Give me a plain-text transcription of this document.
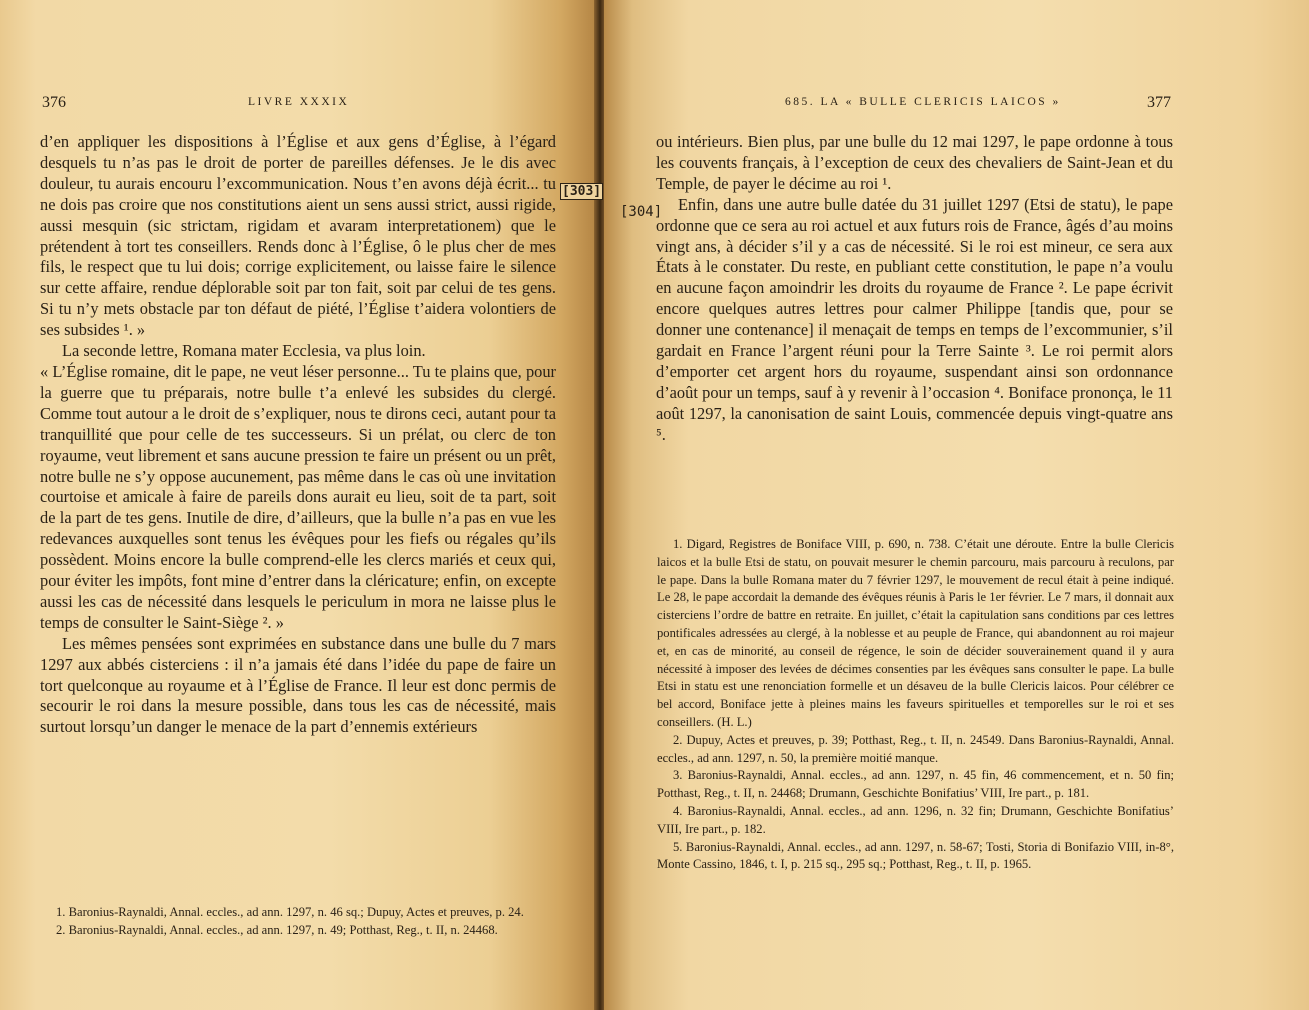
376	LIVRE XXXIX

d’en appliquer les dispositions à l’Église et aux gens d’Église, à l’égard desquels tu n’as pas le droit de porter de pareilles défenses. Je le dis avec douleur, tu aurais encouru l’excommunication. Nous t’en avons déjà écrit... tu ne dois pas croire que nos constitutions aient un sens aussi strict, aussi rigide, aussi mesquin (sic strictam, rigidam et avaram interpretationem) que le prétendent à tort tes conseillers. Rends donc à l’Église, ô le plus cher de mes fils, le respect que tu lui dois; corrige explicitement, ou laisse faire le silence sur cette affaire, rendue déplorable soit par ton fait, soit par celui de tes gens. Si tu n’y mets obstacle par ton défaut de piété, l’Église t’aidera volontiers de ses subsides ¹. »

La seconde lettre, Romana mater Ecclesia, va plus loin.

« L’Église romaine, dit le pape, ne veut léser personne... Tu te plains que, pour la guerre que tu préparais, notre bulle t’a enlevé les subsides du clergé. Comme tout autour a le droit de s’expliquer, nous te dirons ceci, autant pour ta tranquillité que pour celle de tes successeurs. Si un prélat, ou clerc de ton royaume, veut librement et sans aucune pression te faire un présent ou un prêt, notre bulle ne s’y oppose aucunement, pas même dans le cas où une invitation courtoise et amicale à faire de pareils dons aurait eu lieu, soit de ta part, soit de la part de tes gens. Inutile de dire, d’ailleurs, que la bulle n’a pas en vue les redevances auxquelles sont tenus les évêques pour les fiefs ou régales qu’ils possèdent. Moins encore la bulle comprend-elle les clercs mariés et ceux qui, pour éviter les impôts, font mine d’entrer dans la cléricature; enfin, on excepte aussi les cas de nécessité dans lesquels le periculum in mora ne laisse plus le temps de consulter le Saint-Siège ². »

Les mêmes pensées sont exprimées en substance dans une bulle du 7 mars 1297 aux abbés cisterciens : il n’a jamais été dans l’idée du pape de faire un tort quelconque au royaume et à l’Église de France. Il leur est donc permis de secourir le roi dans la mesure possible, dans tous les cas de nécessité, mais surtout lorsqu’un danger le menace de la part d’ennemis extérieurs

1. Baronius-Raynaldi, Annal. eccles., ad ann. 1297, n. 46 sq.; Dupuy, Actes et preuves, p. 24.

2. Baronius-Raynaldi, Annal. eccles., ad ann. 1297, n. 49; Potthast, Reg., t. II, n. 24468.

685. LA « BULLE CLERICIS LAICOS »	377
[304]

ou intérieurs. Bien plus, par une bulle du 12 mai 1297, le pape ordonne à tous les couvents français, à l’exception de ceux des chevaliers de Saint-Jean et du Temple, de payer le décime au roi ¹.

Enfin, dans une autre bulle datée du 31 juillet 1297 (Etsi de statu), le pape ordonne que ce sera au roi actuel et aux futurs rois de France, âgés d’au moins vingt ans, à décider s’il y a cas de nécessité. Si le roi est mineur, ce sera aux États à le constater. Du reste, en publiant cette constitution, le pape n’a voulu en aucune façon amoindrir les droits du royaume de France ². Le pape écrivit encore quelques autres lettres pour calmer Philippe [tandis que, pour se donner une contenance] il menaçait de temps en temps de l’excommunier, s’il gardait en France l’argent réuni pour la Terre Sainte ³. Le roi permit alors d’emporter cet argent hors du royaume, suspendant ainsi son ordonnance d’août pour un temps, sauf à y revenir à l’occasion ⁴. Boniface prononça, le 11 août 1297, la canonisation de saint Louis, commencée depuis vingt-quatre ans ⁵.

1. Digard, Registres de Boniface VIII, p. 690, n. 738. C’était une déroute. Entre la bulle Clericis laicos et la bulle Etsi de statu, on pouvait mesurer le chemin parcouru, mais parcouru à reculons, par le pape. Dans la bulle Romana mater du 7 février 1297, le mouvement de recul était à peine indiqué. Le 28, le pape accordait la demande des évêques réunis à Paris le 1er février. Le 7 mars, il donnait aux cisterciens l’ordre de battre en retraite. En juillet, c’était la capitulation sans conditions par ces lettres pontificales adressées au clergé, à la noblesse et au peuple de France, qui abandonnent au roi majeur et, en cas de minorité, au conseil de régence, le soin de décider souverainement quand il y aura nécessité à imposer des levées de décimes consenties par les évêques sans consulter le pape. La bulle Etsi in statu est une renonciation formelle et un désaveu de la bulle Clericis laicos. Pour célébrer ce bel accord, Boniface jette à pleines mains les faveurs spirituelles et temporelles sur le roi et ses conseillers. (H. L.)

2. Dupuy, Actes et preuves, p. 39; Potthast, Reg., t. II, n. 24549. Dans Baronius-Raynaldi, Annal. eccles., ad ann. 1297, n. 50, la première moitié manque.

3. Baronius-Raynaldi, Annal. eccles., ad ann. 1297, n. 45 fin, 46 commencement, et n. 50 fin; Potthast, Reg., t. II, n. 24468; Drumann, Geschichte Bonifatius’ VIII, Ire part., p. 181.

4. Baronius-Raynaldi, Annal. eccles., ad ann. 1296, n. 32 fin; Drumann, Geschichte Bonifatius’ VIII, Ire part., p. 182.

5. Baronius-Raynaldi, Annal. eccles., ad ann. 1297, n. 58-67; Tosti, Storia di Bonifazio VIII, in-8°, Monte Cassino, 1846, t. I, p. 215 sq., 295 sq.; Potthast, Reg., t. II, p. 1965.

[303]
